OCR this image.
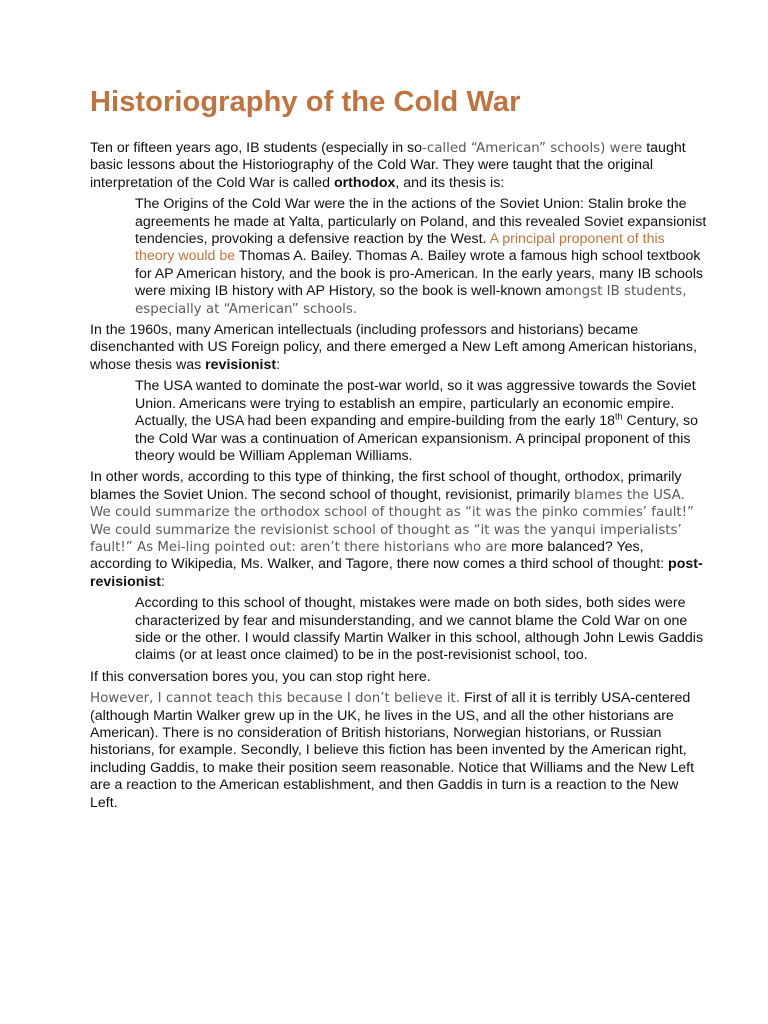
Historiography of the Cold War

Ten or fifteen years ago, IB students (especially in so-called “American” schools) were taught basic lessons about the Historiography of the Cold War. They were taught that the original interpretation of the Cold War is called orthodox, and its thesis is:

The Origins of the Cold War were the in the actions of the Soviet Union: Stalin broke the agreements he made at Yalta, particularly on Poland, and this revealed Soviet expansionist tendencies, provoking a defensive reaction by the West. A principal proponent of this theory would be Thomas A. Bailey. Thomas A. Bailey wrote a famous high school textbook for AP American history, and the book is pro-American. In the early years, many IB schools were mixing IB history with AP History, so the book is well-known amongst IB students, especially at “American” schools.

In the 1960s, many American intellectuals (including professors and historians) became disenchanted with US Foreign policy, and there emerged a New Left among American historians, whose thesis was revisionist:

The USA wanted to dominate the post-war world, so it was aggressive towards the Soviet Union. Americans were trying to establish an empire, particularly an economic empire. Actually, the USA had been expanding and empire-building from the early 18th Century, so the Cold War was a continuation of American expansionism. A principal proponent of this theory would be William Appleman Williams.

In other words, according to this type of thinking, the first school of thought, orthodox, primarily blames the Soviet Union. The second school of thought, revisionist, primarily blames the USA. We could summarize the orthodox school of thought as “it was the pinko commies’ fault!” We could summarize the revisionist school of thought as “it was the yanqui imperialists’ fault!” As Mei-ling pointed out: aren’t there historians who are more balanced? Yes, according to Wikipedia, Ms. Walker, and Tagore, there now comes a third school of thought: post-revisionist:

According to this school of thought, mistakes were made on both sides, both sides were characterized by fear and misunderstanding, and we cannot blame the Cold War on one side or the other. I would classify Martin Walker in this school, although John Lewis Gaddis claims (or at least once claimed) to be in the post-revisionist school, too.

If this conversation bores you, you can stop right here.

However, I cannot teach this because I don’t believe it. First of all it is terribly USA-centered (although Martin Walker grew up in the UK, he lives in the US, and all the other historians are American). There is no consideration of British historians, Norwegian historians, or Russian historians, for example. Secondly, I believe this fiction has been invented by the American right, including Gaddis, to make their position seem reasonable. Notice that Williams and the New Left are a reaction to the American establishment, and then Gaddis in turn is a reaction to the New Left.
